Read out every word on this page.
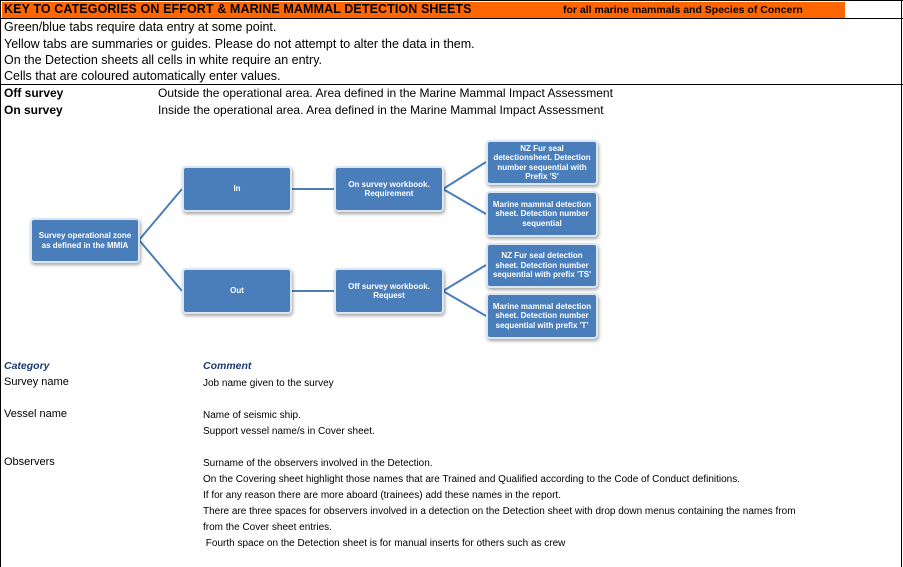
KEY TO CATEGORIES ON EFFORT & MARINE MAMMAL DETECTION SHEETS	for all marine mammals and Species of Concern
Green/blue tabs require data entry at some point.
Yellow tabs are summaries or guides. Please do not attempt to alter the data in them.
On the Detection sheets all cells in white require an entry.
Cells that are coloured automatically enter values.
Off survey	Outside the operational area. Area defined in the Marine Mammal Impact Assessment
On survey	Inside the operational area. Area defined in the Marine Mammal Impact Assessment
Survey operational zone as defined in the MMIA
In
Out
On survey workbook. Requirement
Off survey workbook. Request
NZ Fur seal detectionsheet. Detection number sequential with Prefix 'S'
Marine mammal detection sheet. Detection number sequential
NZ Fur seal detection sheet. Detection number sequential with prefix 'TS'
Marine mammal detection sheet. Detection number sequential with prefix 'T'
Category	Comment
Survey name	Job name given to the survey
Vessel name	Name of seismic ship.
Support vessel name/s in Cover sheet.
Observers	Surname of the observers involved in the Detection.
On the Covering sheet highlight those names that are Trained and Qualified according to the Code of Conduct definitions.
If for any reason there are more aboard (trainees) add these names in the report.
There are three spaces for observers involved in a detection on the Detection sheet with drop down menus containing the names from
from the Cover sheet entries.
Fourth space on the Detection sheet is for manual inserts for others such as crew
